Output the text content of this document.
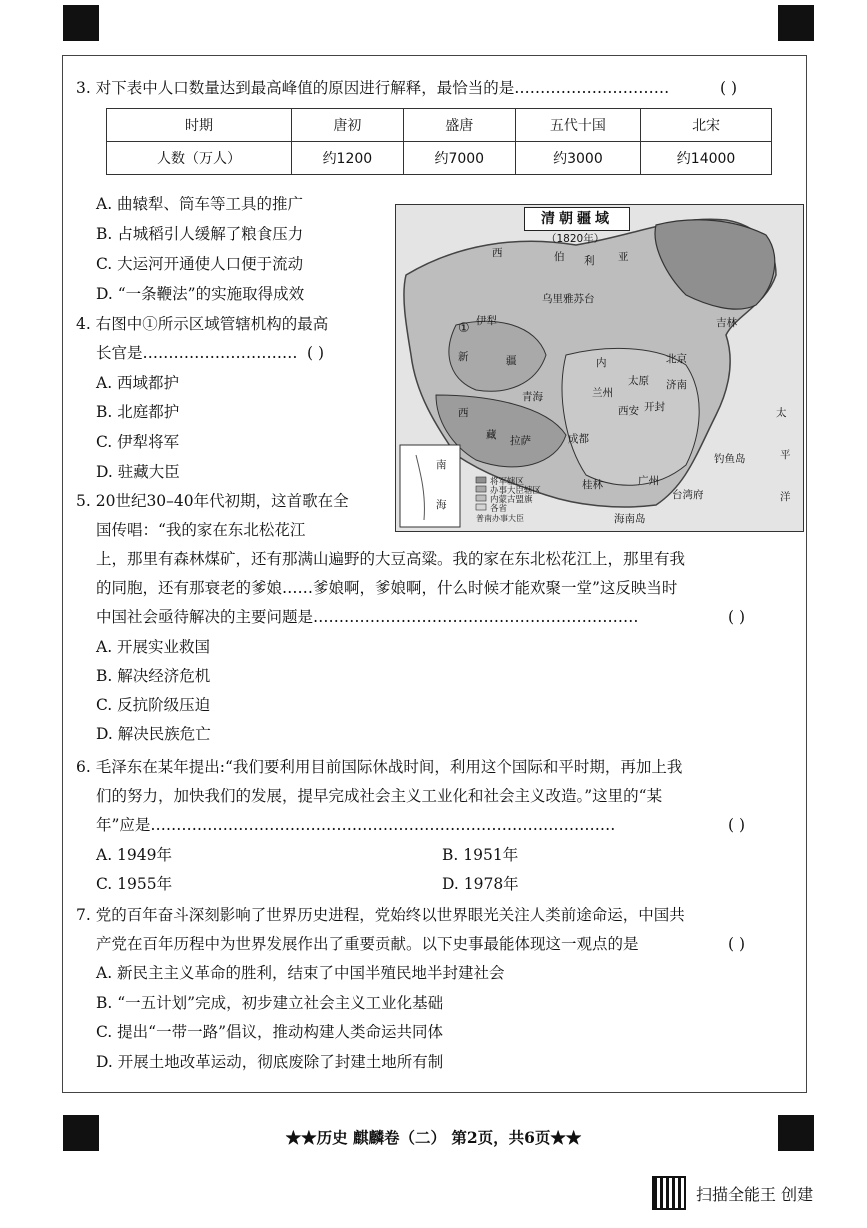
3. 对下表中人口数量达到最高峰值的原因进行解释，最恰当的是…………………………	( )
时期	唐初	盛唐	五代十国	北宋
人数（万人）	约1200	约7000	约3000	约14000
A. 曲辕犁、筒车等工具的推广
B. 占城稻引人缓解了粮食压力
C. 大运河开通使人口便于流动
D. “一条鞭法”的实施取得成效
清朝疆域
（1820年）
西	伯 利 亚
乌里雅苏台
伊犁
①
新	疆	内
青海
西
藏 拉萨	成都
兰州
太原 济南
西安 开封
北京
吉林
太
平
洋
台湾府
钓鱼岛
桂林	广州
海南岛
南
海
普南办事大臣
将军辖区
办事大臣辖区
内蒙古盟旗
各省
4. 右图中①所示区域管辖机构的最高
长官是………………………… ( )
A. 西域都护
B. 北庭都护
C. 伊犁将军
D. 驻藏大臣
5. 20世纪30–40年代初期，这首歌在全
国传唱：“我的家在东北松花江
上，那里有森林煤矿，还有那满山遍野的大豆高粱。我的家在东北松花江上，那里有我
的同胞，还有那衰老的爹娘……爹娘啊，爹娘啊，什么时候才能欢聚一堂”这反映当时
中国社会亟待解决的主要问题是………………………………………………………	( )
A. 开展实业救国
B. 解决经济危机
C. 反抗阶级压迫
D. 解决民族危亡
6. 毛泽东在某年提出:“我们要利用目前国际休战时间，利用这个国际和平时期，再加上我
们的努力，加快我们的发展，提早完成社会主义工业化和社会主义改造。”这里的“某
年”应是………………………………………………………………………………	( )
A. 1949年	B. 1951年
C. 1955年	D. 1978年
7. 党的百年奋斗深刻影响了世界历史进程，党始终以世界眼光关注人类前途命运，中国共
产党在百年历程中为世界发展作出了重要贡献。以下史事最能体现这一观点的是	( )
A. 新民主主义革命的胜利，结束了中国半殖民地半封建社会
B. “一五计划”完成，初步建立社会主义工业化基础
C. 提出“一带一路”倡议，推动构建人类命运共同体
D. 开展土地改革运动，彻底废除了封建土地所有制
★★历史 麒麟卷（二） 第2页，共6页★★
扫描全能王 创建
